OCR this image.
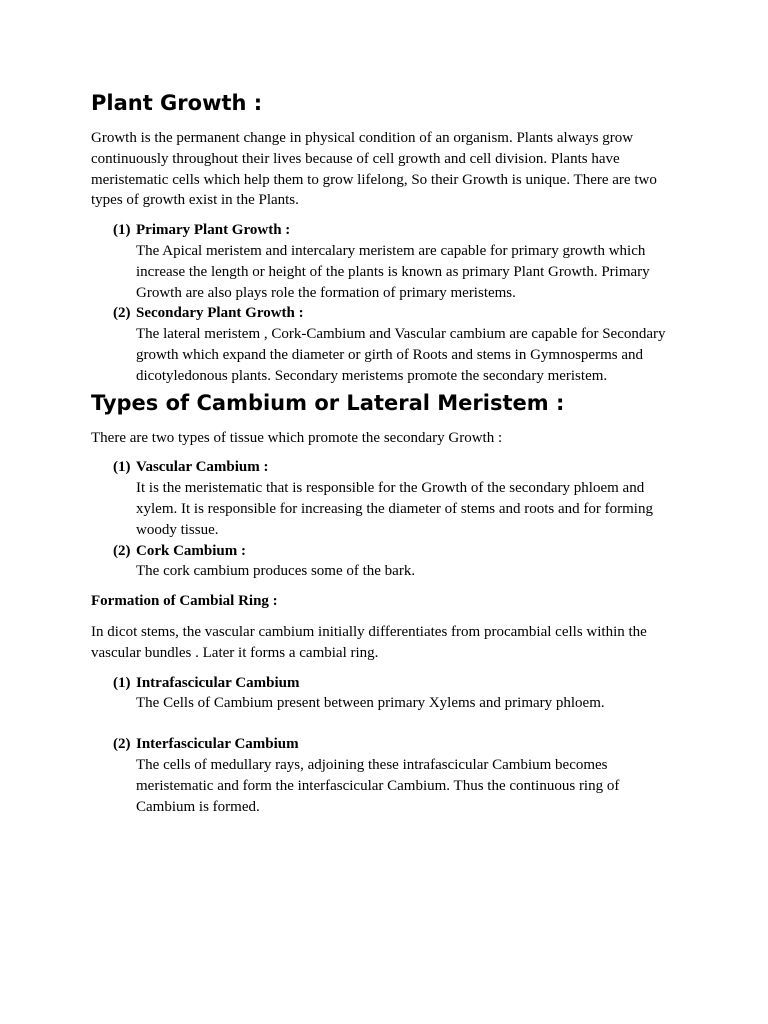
Plant Growth :

Growth is the permanent change in physical condition of an organism. Plants always grow continuously throughout their lives because of cell growth and cell division. Plants have meristematic cells which help them to grow lifelong, So their Growth is unique. There are two types of growth exist in the Plants.

(1) Primary Plant Growth :
The Apical meristem and intercalary meristem are capable for primary growth which increase the length or height of the plants is known as primary Plant Growth. Primary Growth are also plays role the formation of primary meristems.
(2) Secondary Plant Growth :
The lateral meristem , Cork-Cambium and Vascular cambium are capable for Secondary growth which expand the diameter or girth of Roots and stems in Gymnosperms and dicotyledonous plants. Secondary meristems promote the secondary meristem.
Types of Cambium or Lateral Meristem :

There are two types of tissue which promote the secondary Growth :

(1) Vascular Cambium :
It is the meristematic that is responsible for the Growth of the secondary phloem and xylem. It is responsible for increasing the diameter of stems and roots and for forming woody tissue.
(2) Cork Cambium :
The cork cambium produces some of the bark.

Formation of Cambial Ring :

In dicot stems, the vascular cambium initially differentiates from procambial cells within the vascular bundles . Later it forms a cambial ring.

(1) Intrafascicular Cambium
The Cells of Cambium present between primary Xylems and primary phloem.
(2) Interfascicular Cambium
The cells of medullary rays, adjoining these intrafascicular Cambium becomes meristematic and form the interfascicular Cambium. Thus the continuous ring of Cambium is formed.
